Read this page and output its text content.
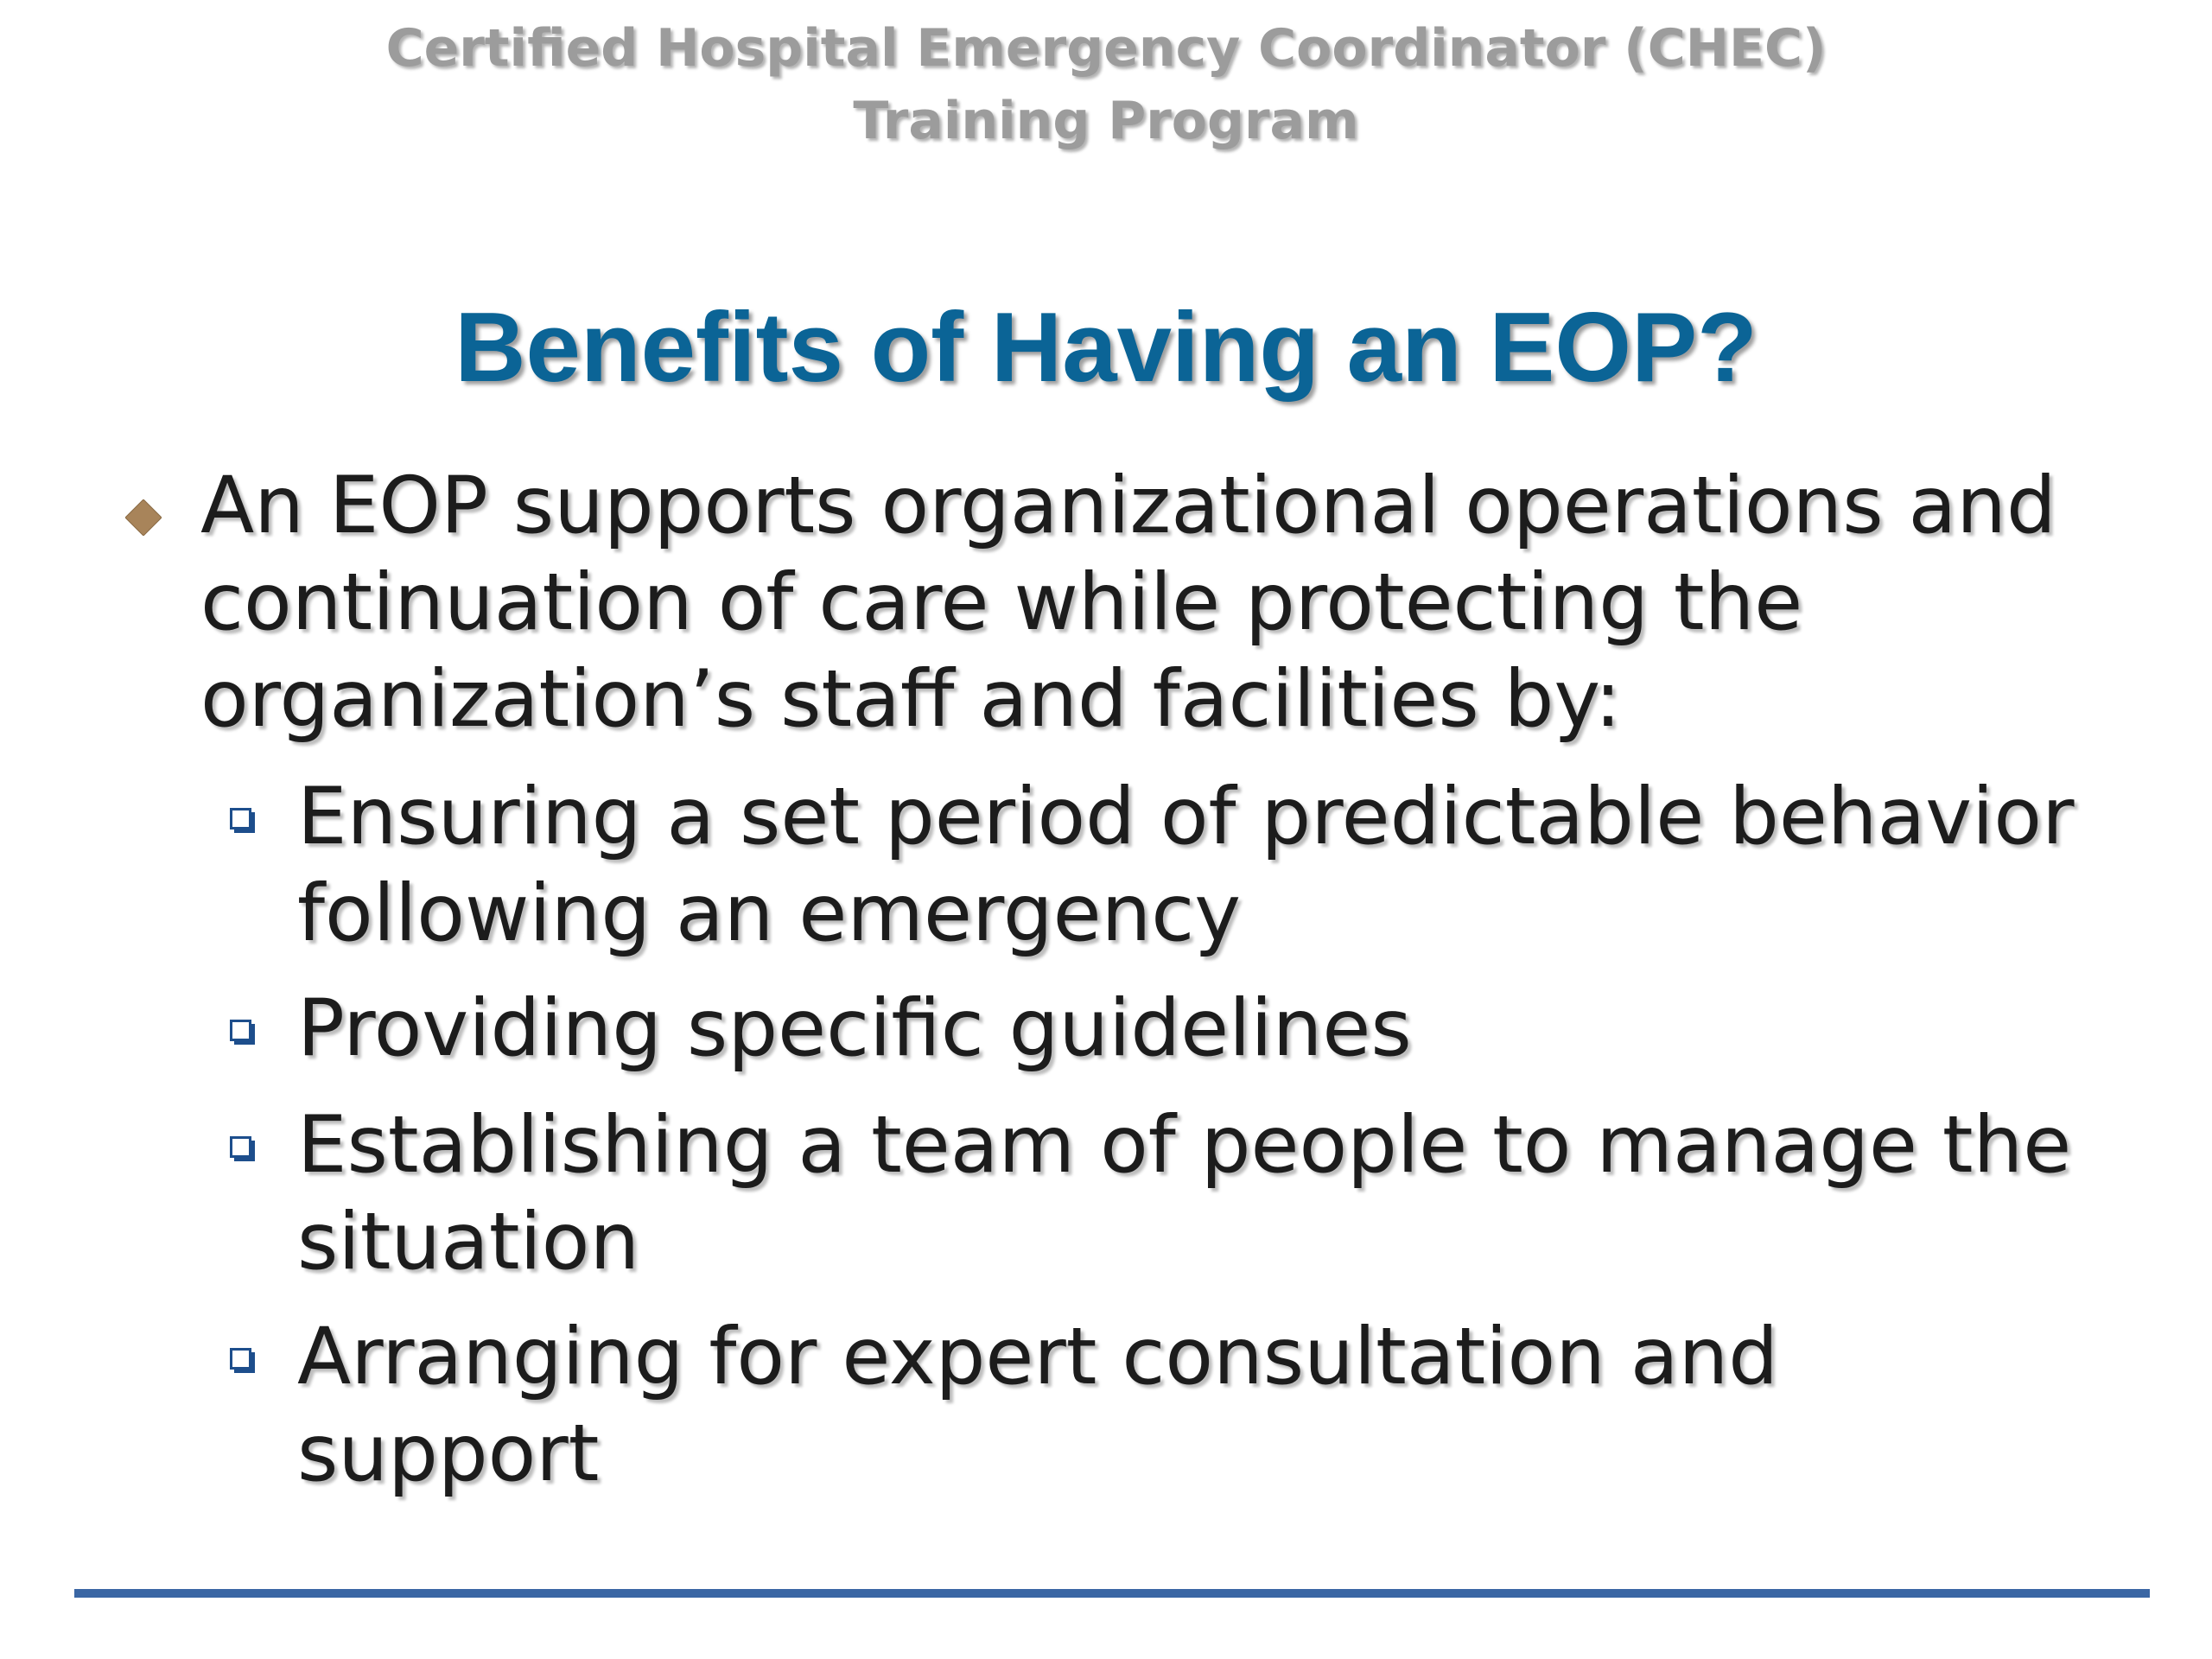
Certified Hospital Emergency Coordinator (CHEC)
Training Program
Benefits of Having an EOP?
An EOP supports organizational operations and
continuation of care while protecting the
organization’s staff and facilities by:
Ensuring a set period of predictable behavior
following an emergency
Providing specific guidelines
Establishing a team of people to manage the
situation
Arranging for expert consultation and
support
